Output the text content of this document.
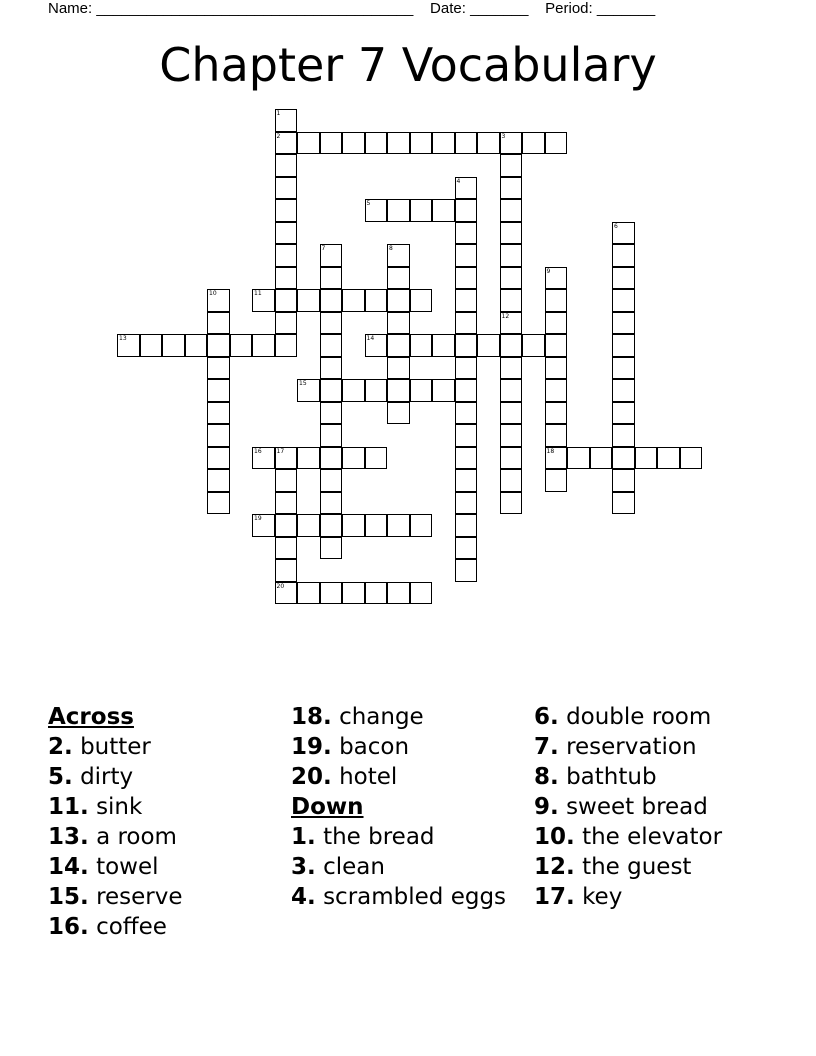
Name: ______________________________________ Date: _______ Period: _______
Chapter 7 Vocabulary
1
2	3
4
5
6
7	8
9
18
10	11
12
13	14
15
16 17
19
20
Across
2. butter
5. dirty
11. sink
13. a room
14. towel
15. reserve
16. coffee
18. change
19. bacon
20. hotel
Down
1. the bread
3. clean
4. scrambled eggs
6. double room
7. reservation
8. bathtub
9. sweet bread
10. the elevator
12. the guest
17. key
